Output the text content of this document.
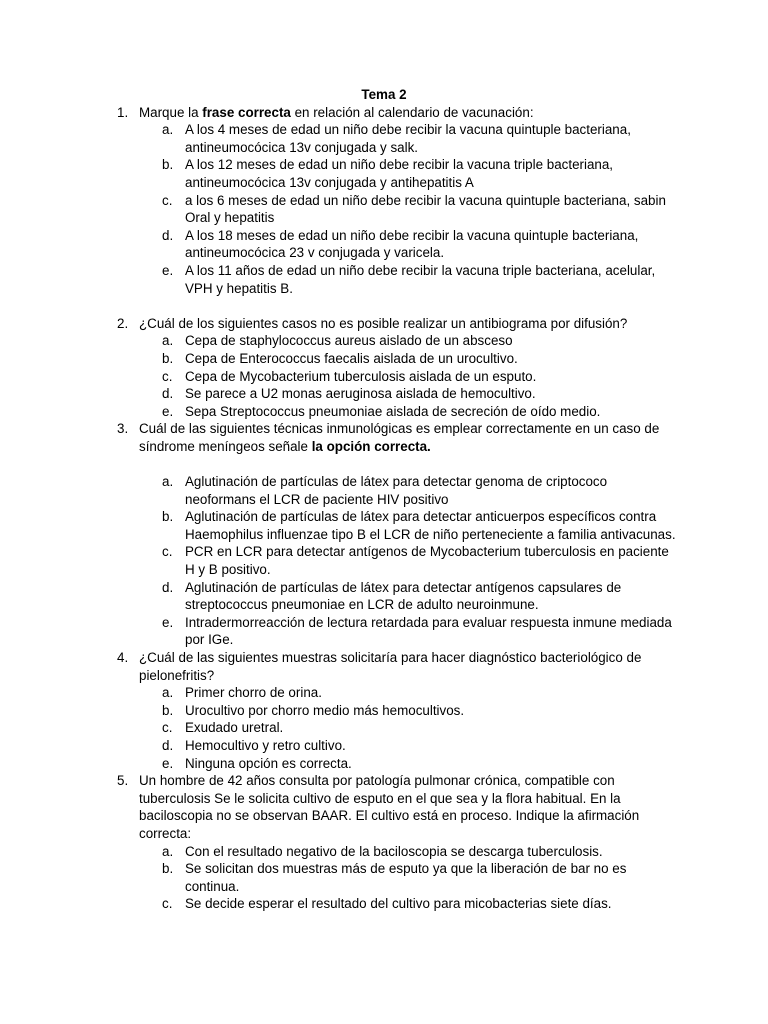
Tema 2
1. Marque la frase correcta en relación al calendario de vacunación:
a. A los 4 meses de edad un niño debe recibir la vacuna quintuple bacteriana, antineumocócica 13v conjugada y salk.
b. A los 12 meses de edad un niño debe recibir la vacuna triple bacteriana, antineumocócica 13v conjugada y antihepatitis A
c. a los 6 meses de edad un niño debe recibir la vacuna quintuple bacteriana, sabin Oral y hepatitis
d. A los 18 meses de edad un niño debe recibir la vacuna quintuple bacteriana, antineumocócica 23 v conjugada y varicela.
e. A los 11 años de edad un niño debe recibir la vacuna triple bacteriana, acelular, VPH y hepatitis B.
2. ¿Cuál de los siguientes casos no es posible realizar un antibiograma por difusión?
a. Cepa de staphylococcus aureus aislado de un absceso
b. Cepa de Enterococcus faecalis aislada de un urocultivo.
c. Cepa de Mycobacterium tuberculosis aislada de un esputo.
d. Se parece a U2 monas aeruginosa aislada de hemocultivo.
e. Sepa Streptococcus pneumoniae aislada de secreción de oído medio.
3. Cuál de las siguientes técnicas inmunológicas es emplear correctamente en un caso de síndrome meníngeos señale la opción correcta.
a. Aglutinación de partículas de látex para detectar genoma de criptococo neoformans el LCR de paciente HIV positivo
b. Aglutinación de partículas de látex para detectar anticuerpos específicos contra Haemophilus influenzae tipo B el LCR de niño perteneciente a familia antivacunas.
c. PCR en LCR para detectar antígenos de Mycobacterium tuberculosis en paciente H y B positivo.
d. Aglutinación de partículas de látex para detectar antígenos capsulares de streptococcus pneumoniae en LCR de adulto neuroinmune.
e. Intradermorreacción de lectura retardada para evaluar respuesta inmune mediada por IGe.
4. ¿Cuál de las siguientes muestras solicitaría para hacer diagnóstico bacteriológico de pielonefritis?
a. Primer chorro de orina.
b. Urocultivo por chorro medio más hemocultivos.
c. Exudado uretral.
d. Hemocultivo y retro cultivo.
e. Ninguna opción es correcta.
5. Un hombre de 42 años consulta por patología pulmonar crónica, compatible con tuberculosis Se le solicita cultivo de esputo en el que sea y la flora habitual. En la baciloscopia no se observan BAAR. El cultivo está en proceso. Indique la afirmación correcta:
a. Con el resultado negativo de la baciloscopia se descarga tuberculosis.
b. Se solicitan dos muestras más de esputo ya que la liberación de bar no es continua.
c. Se decide esperar el resultado del cultivo para micobacterias siete días.
